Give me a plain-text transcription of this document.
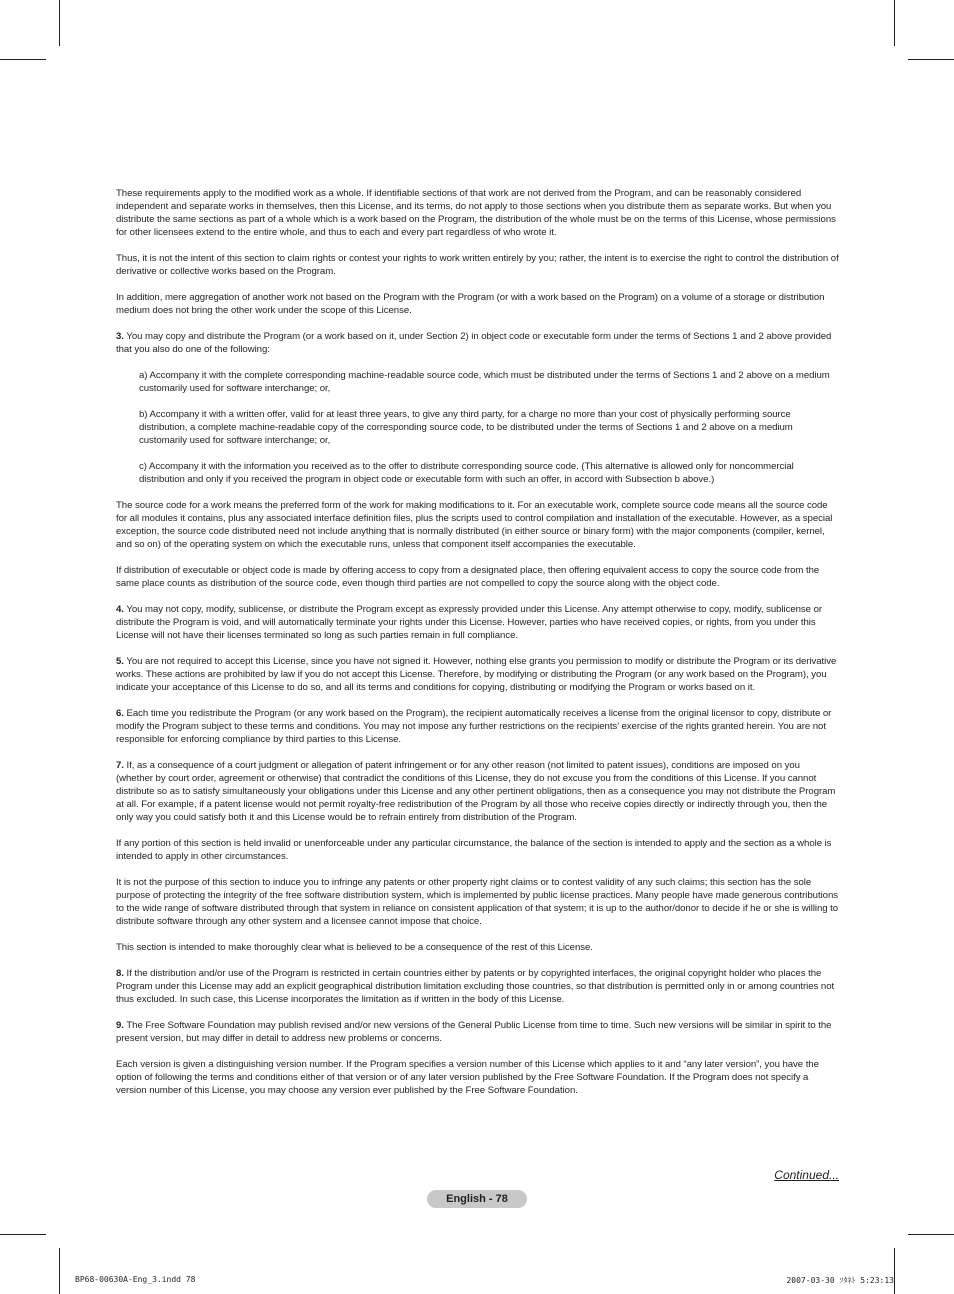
These requirements apply to the modified work as a whole. If identifiable sections of that work are not derived from the Program, and can be reasonably considered independent and separate works in themselves, then this License, and its terms, do not apply to those sections when you distribute them as separate works. But when you distribute the same sections as part of a whole which is a work based on the Program, the distribution of the whole must be on the terms of this License, whose permissions for other licensees extend to the entire whole, and thus to each and every part regardless of who wrote it.

Thus, it is not the intent of this section to claim rights or contest your rights to work written entirely by you; rather, the intent is to exercise the right to control the distribution of derivative or collective works based on the Program.

In addition, mere aggregation of another work not based on the Program with the Program (or with a work based on the Program) on a volume of a storage or distribution medium does not bring the other work under the scope of this License.

3. You may copy and distribute the Program (or a work based on it, under Section 2) in object code or executable form under the terms of Sections 1 and 2 above provided that you also do one of the following:

a) Accompany it with the complete corresponding machine-readable source code, which must be distributed under the terms of Sections 1 and 2 above on a medium customarily used for software interchange; or,

b) Accompany it with a written offer, valid for at least three years, to give any third party, for a charge no more than your cost of physically performing source distribution, a complete machine-readable copy of the corresponding source code, to be distributed under the terms of Sections 1 and 2 above on a medium customarily used for software interchange; or,

c) Accompany it with the information you received as to the offer to distribute corresponding source code. (This alternative is allowed only for noncommercial distribution and only if you received the program in object code or executable form with such an offer, in accord with Subsection b above.)

The source code for a work means the preferred form of the work for making modifications to it. For an executable work, complete source code means all the source code for all modules it contains, plus any associated interface definition files, plus the scripts used to control compilation and installation of the executable. However, as a special exception, the source code distributed need not include anything that is normally distributed (in either source or binary form) with the major components (compiler, kernel, and so on) of the operating system on which the executable runs, unless that component itself accompanies the executable.

If distribution of executable or object code is made by offering access to copy from a designated place, then offering equivalent access to copy the source code from the same place counts as distribution of the source code, even though third parties are not compelled to copy the source along with the object code.

4. You may not copy, modify, sublicense, or distribute the Program except as expressly provided under this License. Any attempt otherwise to copy, modify, sublicense or distribute the Program is void, and will automatically terminate your rights under this License. However, parties who have received copies, or rights, from you under this License will not have their licenses terminated so long as such parties remain in full compliance.

5. You are not required to accept this License, since you have not signed it. However, nothing else grants you permission to modify or distribute the Program or its derivative works. These actions are prohibited by law if you do not accept this License. Therefore, by modifying or distributing the Program (or any work based on the Program), you indicate your acceptance of this License to do so, and all its terms and conditions for copying, distributing or modifying the Program or works based on it.

6. Each time you redistribute the Program (or any work based on the Program), the recipient automatically receives a license from the original licensor to copy, distribute or modify the Program subject to these terms and conditions. You may not impose any further restrictions on the recipients’ exercise of the rights granted herein. You are not responsible for enforcing compliance by third parties to this License.

7. If, as a consequence of a court judgment or allegation of patent infringement or for any other reason (not limited to patent issues), conditions are imposed on you (whether by court order, agreement or otherwise) that contradict the conditions of this License, they do not excuse you from the conditions of this License. If you cannot distribute so as to satisfy simultaneously your obligations under this License and any other pertinent obligations, then as a consequence you may not distribute the Program at all. For example, if a patent license would not permit royalty-free redistribution of the Program by all those who receive copies directly or indirectly through you, then the only way you could satisfy both it and this License would be to refrain entirely from distribution of the Program.

If any portion of this section is held invalid or unenforceable under any particular circumstance, the balance of the section is intended to apply and the section as a whole is intended to apply in other circumstances.

It is not the purpose of this section to induce you to infringe any patents or other property right claims or to contest validity of any such claims; this section has the sole purpose of protecting the integrity of the free software distribution system, which is implemented by public license practices. Many people have made generous contributions to the wide range of software distributed through that system in reliance on consistent application of that system; it is up to the author/donor to decide if he or she is willing to distribute software through any other system and a licensee cannot impose that choice.

This section is intended to make thoroughly clear what is believed to be a consequence of the rest of this License.

8. If the distribution and/or use of the Program is restricted in certain countries either by patents or by copyrighted interfaces, the original copyright holder who places the Program under this License may add an explicit geographical distribution limitation excluding those countries, so that distribution is permitted only in or among countries not thus excluded. In such case, this License incorporates the limitation as if written in the body of this License.

9. The Free Software Foundation may publish revised and/or new versions of the General Public License from time to time. Such new versions will be similar in spirit to the present version, but may differ in detail to address new problems or concerns.

Each version is given a distinguishing version number. If the Program specifies a version number of this License which applies to it and “any later version”, you have the option of following the terms and conditions either of that version or of any later version published by the Free Software Foundation. If the Program does not specify a version number of this License, you may choose any version ever published by the Free Software Foundation.

Continued...
English - 78
BP68-00630A-Eng_3.indd 78	2007-03-30 ｿﾀﾈﾄ 5:23:13
